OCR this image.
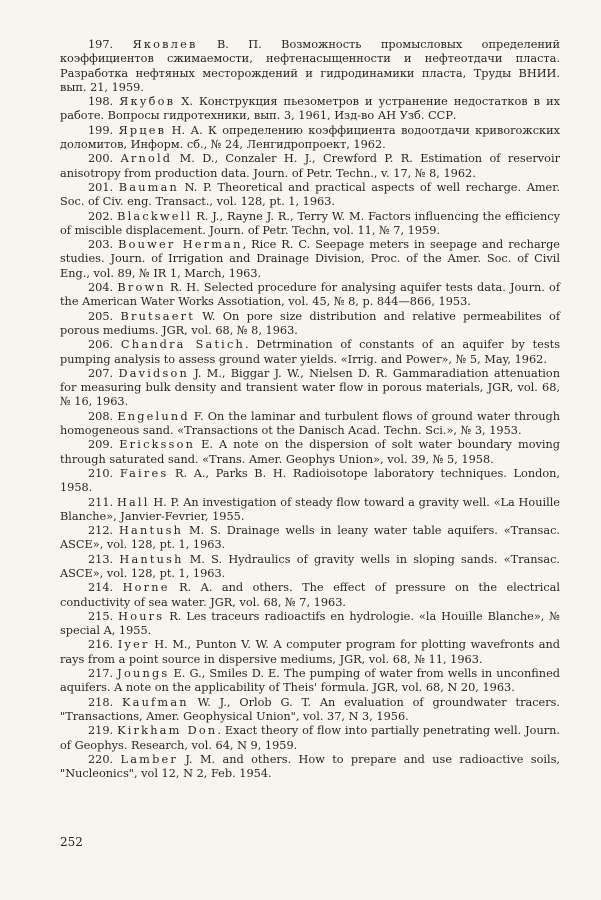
197. Яковлев В. П. Возможность промысловых определений коэффициентов сжимаемости, нефтенасыщенности и нефтеотдачи пласта. Разработка нефтяных месторождений и гидродинамики пласта, Труды ВНИИ. вып. 21, 1959.

198. Якубов Х. Конструкция пьезометров и устранение недостатков в их работе. Вопросы гидротехники, вып. 3, 1961, Изд-во АН Узб. ССР.

199. Ярцев Н. А. К определению коэффициента водоотдачи кривоrожских доломитов, Информ. сб., № 24, Ленгидропроект, 1962.

200. Arnold M. D., Conzaler H. J., Crewford P. R. Estimation of reservoir anisotropy from production data. Journ. of Petr. Techn., v. 17, № 8, 1962.

201. Bauman N. P. Theoretical and practical aspects of well recharge. Amer. Soc. of Civ. eng. Transact., vol. 128, pt. 1, 1963.

202. Blackwell R. J., Rayne J. R., Terry W. M. Factors influencing the efficiency of miscible displacement. Journ. of Petr. Techn, vol. 11, № 7, 1959.

203. Bouwer Herman, Rice R. C. Seepage meters in seepage and recharge studies. Journ. of Irrigation and Drainage Division, Proc. of the Amer. Soc. of Civil Eng., vol. 89, № IR 1, March, 1963.

204. Brown R. H. Selected procedure for analysing aquifer tests data. Journ. of the American Water Works Assotiation, vol. 45, № 8, p. 844—866, 1953.

205. Brutsaert W. On pore size distribution and relative permeabilites of porous mediums. JGR, vol. 68, № 8, 1963.

206. Chandra Satich. Detrmination of constants of an aquifer by tests pumping analysis to assess ground water yields. «Irrig. and Power», № 5, May, 1962.

207. Davidson J. M., Biggar J. W., Nielsen D. R. Gammaradiation attenuation for measuring bulk density and transient water flow in porous materials, JGR, vol. 68, № 16, 1963.

208. Engelund F. On the laminar and turbulent flows of ground water through homogeneous sand. «Transactions ot the Danisch Acad. Techn. Sci.», № 3, 1953.

209. Ericksson E. A note on the dispersion of solt water boundary moving through saturated sand. «Trans. Amer. Geophys Union», vol. 39, № 5, 1958.

210. Faires R. A., Parks B. H. Radioisotope laboratory techniques. London, 1958.

211. Hall H. P. An investigation of steady flow toward a gravity well. «La Houille Blanche», Janvier-Fevrier, 1955.

212. Hantush M. S. Drainage wells in leany water table aquifers. «Transac. ASCE», vol. 128, pt. 1, 1963.

213. Hantush M. S. Hydraulics of gravity wells in sloping sands. «Transac. ASCE», vol. 128, pt. 1, 1963.

214. Horne R. A. and others. The effect of pressure on the electrical conductivity of sea water. JGR, vol. 68, № 7, 1963.

215. Hours R. Les traceurs radioactifs en hydrologie. «la Houille Blanche», № special A, 1955.

216. Iyer H. M., Punton V. W. A computer program for plotting wavefronts and rays from a point source in dispersive mediums, JGR, vol. 68, № 11, 1963.

217. Joungs E. G., Smiles D. E. The pumping of water from wells in unconfined aquifers. A note on the applicability of Theis' formula. JGR, vol. 68, N 20, 1963.

218. Kaufman W. J., Orlob G. T. An evaluation of groundwater tracers. "Transactions, Amer. Geophysical Union", vol. 37, N 3, 1956.

219. Kirkham Don. Exact theory of flow into partially penetrating well. Journ. of Geophys. Research, vol. 64, N 9, 1959.

220. Lamber J. M. and others. How to prepare and use radioactive soils, "Nucleonics", vol 12, N 2, Feb. 1954.

252
